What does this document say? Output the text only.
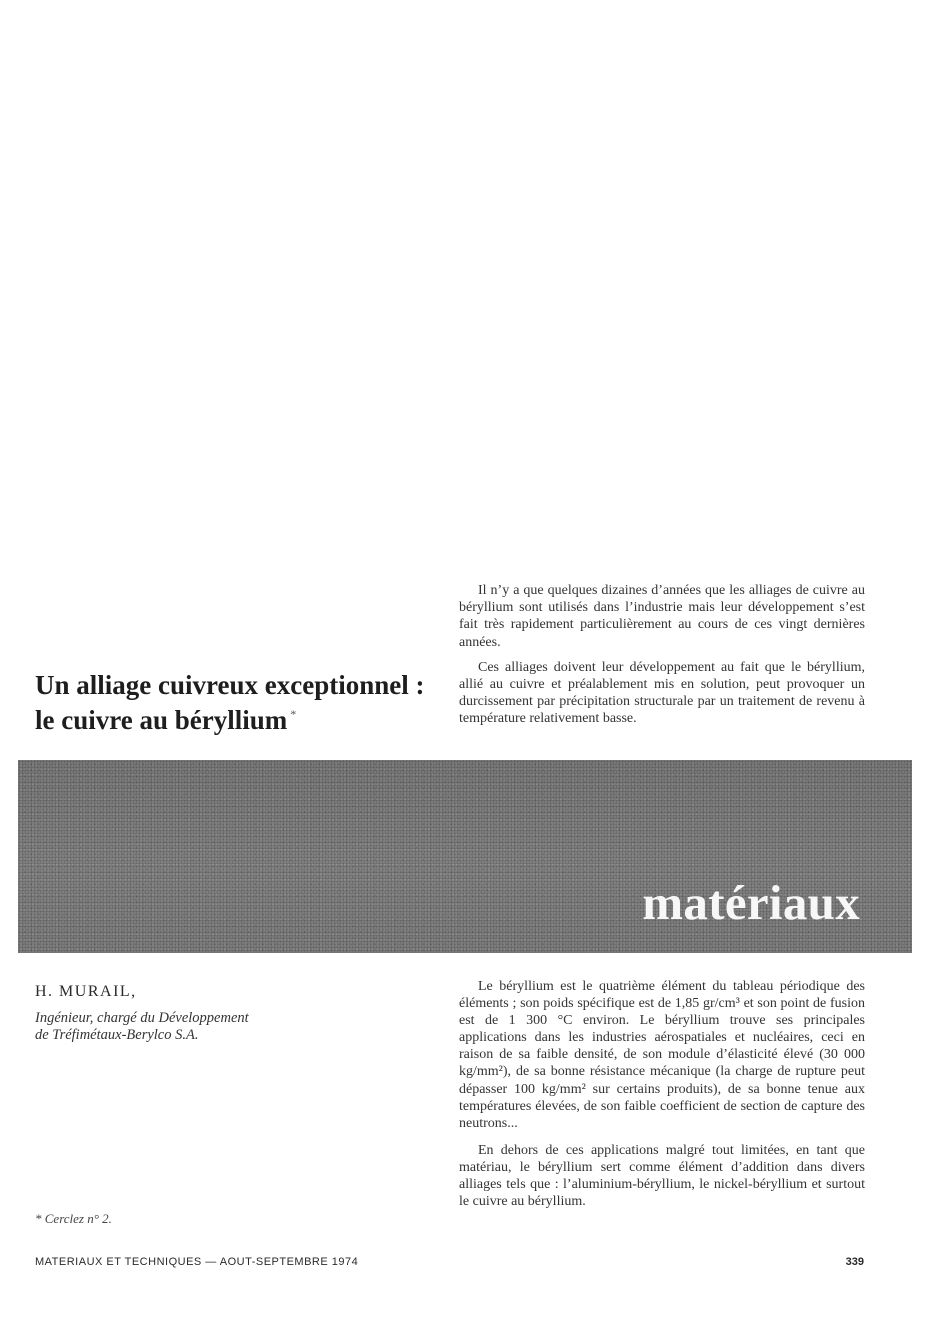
Un alliage cuivreux exceptionnel :
le cuivre au béryllium *

Il n’y a que quelques dizaines d’années que les alliages de cuivre au béryllium sont utilisés dans l’industrie mais leur développement s’est fait très rapidement particulièrement au cours de ces vingt dernières années.

Ces alliages doivent leur développement au fait que le béryllium, allié au cuivre et préalablement mis en solution, peut provoquer un durcissement par précipitation structurale par un traitement de revenu à température relativement basse.

matériaux

H. MURAIL,

Ingénieur, chargé du Développement
de Tréfimétaux-Berylco S.A.

Le béryllium est le quatrième élément du tableau périodique des éléments ; son poids spécifique est de 1,85 gr/cm³ et son point de fusion est de 1 300 °C environ. Le béryllium trouve ses principales applications dans les industries aérospatiales et nucléaires, ceci en raison de sa faible densité, de son module d’élasticité élevé (30 000 kg/mm²), de sa bonne résistance mécanique (la charge de rupture peut dépasser 100 kg/mm² sur certains produits), de sa bonne tenue aux températures élevées, de son faible coefficient de section de capture des neutrons...

En dehors de ces applications malgré tout limitées, en tant que matériau, le béryllium sert comme élément d’addition dans divers alliages tels que : l’aluminium-béryllium, le nickel-béryllium et surtout le cuivre au béryllium.

* Cerclez n° 2.

MATERIAUX ET TECHNIQUES — AOUT-SEPTEMBRE 1974	339
